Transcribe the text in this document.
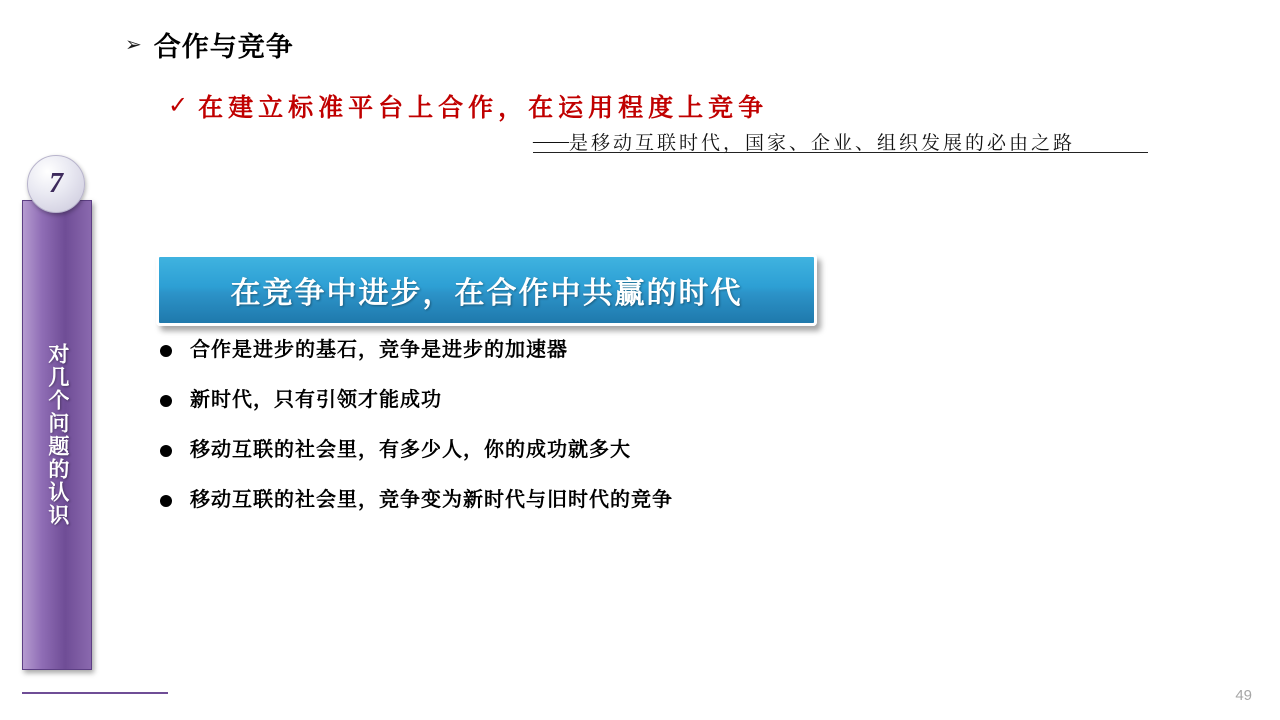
对几个问题的认识
7
➢ 合作与竞争
✓ 在建立标准平台上合作，在运用程度上竞争
—— 是移动互联时代，国家、企业、组织发展的必由之路
在竞争中进步，在合作中共赢的时代
合作是进步的基石，竞争是进步的加速器
新时代，只有引领才能成功
移动互联的社会里，有多少人，你的成功就多大
移动互联的社会里，竞争变为新时代与旧时代的竞争
49
